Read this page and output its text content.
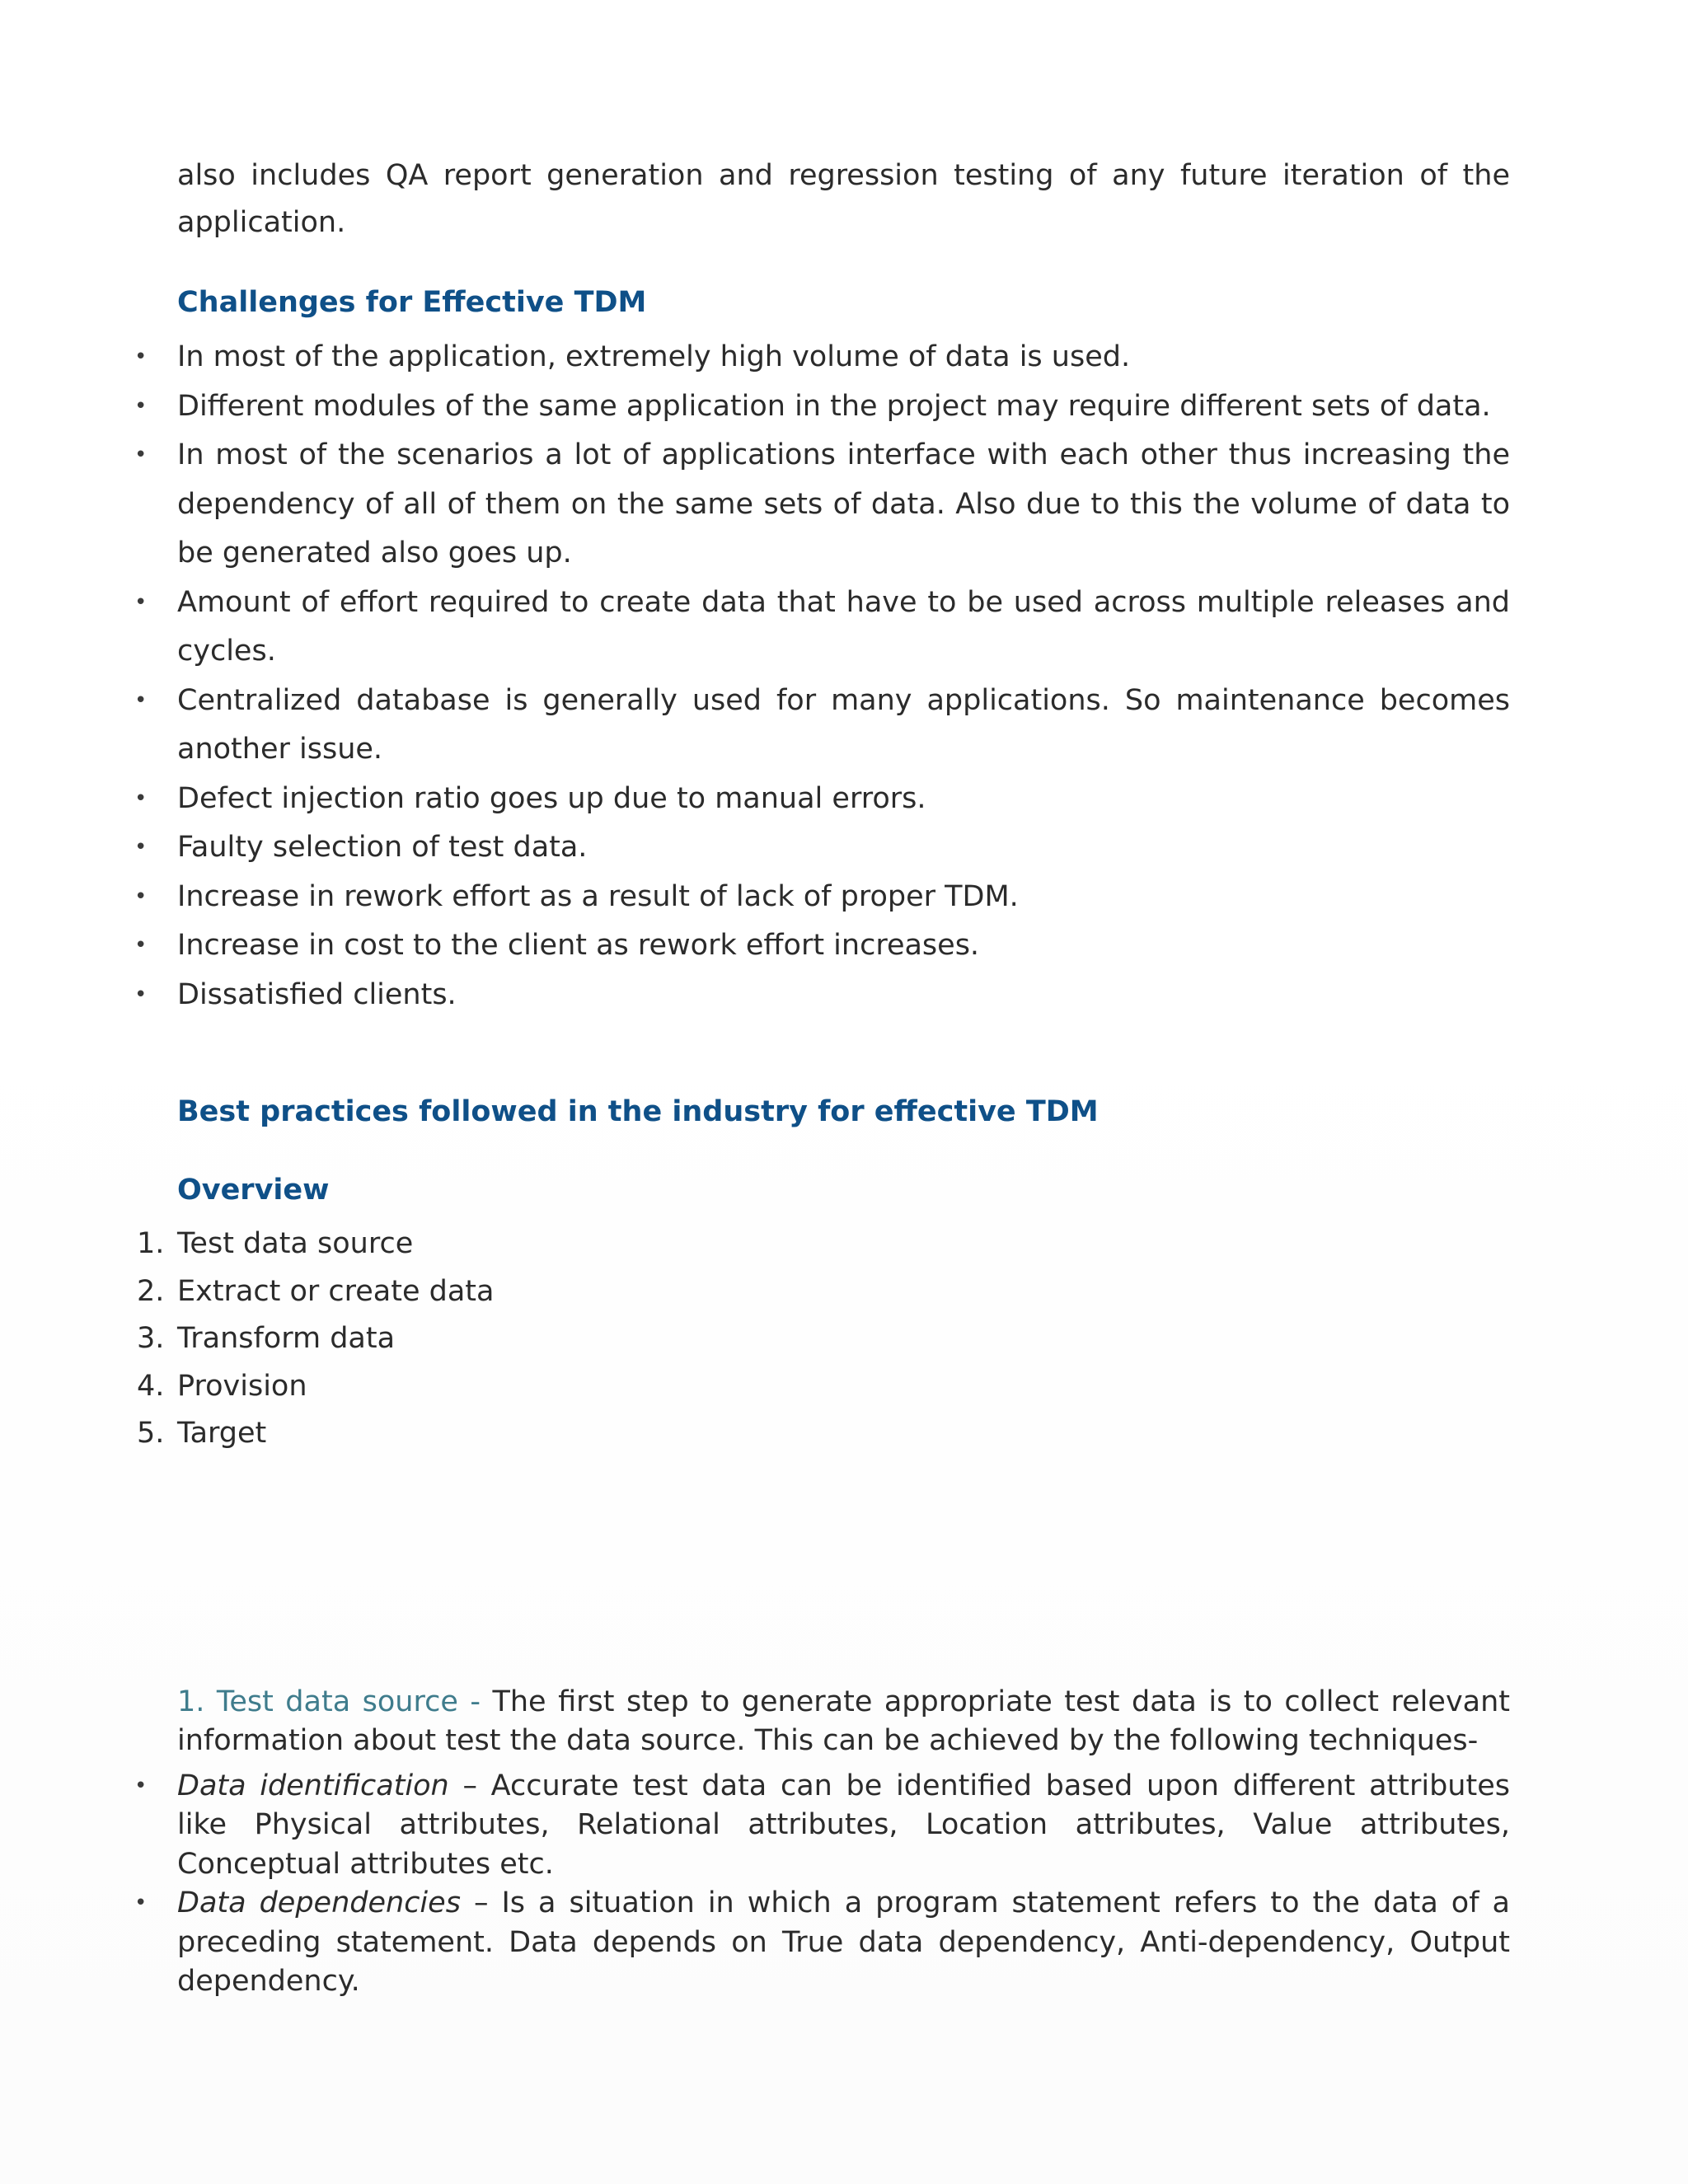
also includes QA report generation and regression testing of any future iteration of the application.

Challenges for Effective TDM
• In most of the application, extremely high volume of data is used.
• Different modules of the same application in the project may require different sets of data.
• In most of the scenarios a lot of applications interface with each other thus increasing the dependency of all of them on the same sets of data. Also due to this the volume of data to be generated also goes up.
• Amount of effort required to create data that have to be used across multiple releases and cycles.
• Centralized database is generally used for many applications. So maintenance becomes another issue.
• Defect injection ratio goes up due to manual errors.
• Faulty selection of test data.
• Increase in rework effort as a result of lack of proper TDM.
• Increase in cost to the client as rework effort increases.
• Dissatisfied clients.
Best practices followed in the industry for effective TDM
Overview
1. Test data source
2. Extract or create data
3. Transform data
4. Provision
5. Target

1. Test data source - The first step to generate appropriate test data is to collect relevant information about test the data source. This can be achieved by the following techniques-

• Data identification – Accurate test data can be identified based upon different attributes like Physical attributes, Relational attributes, Location attributes, Value attributes, Conceptual attributes etc.
• Data dependencies – Is a situation in which a program statement refers to the data of a preceding statement. Data depends on True data dependency, Anti-dependency, Output dependency.
